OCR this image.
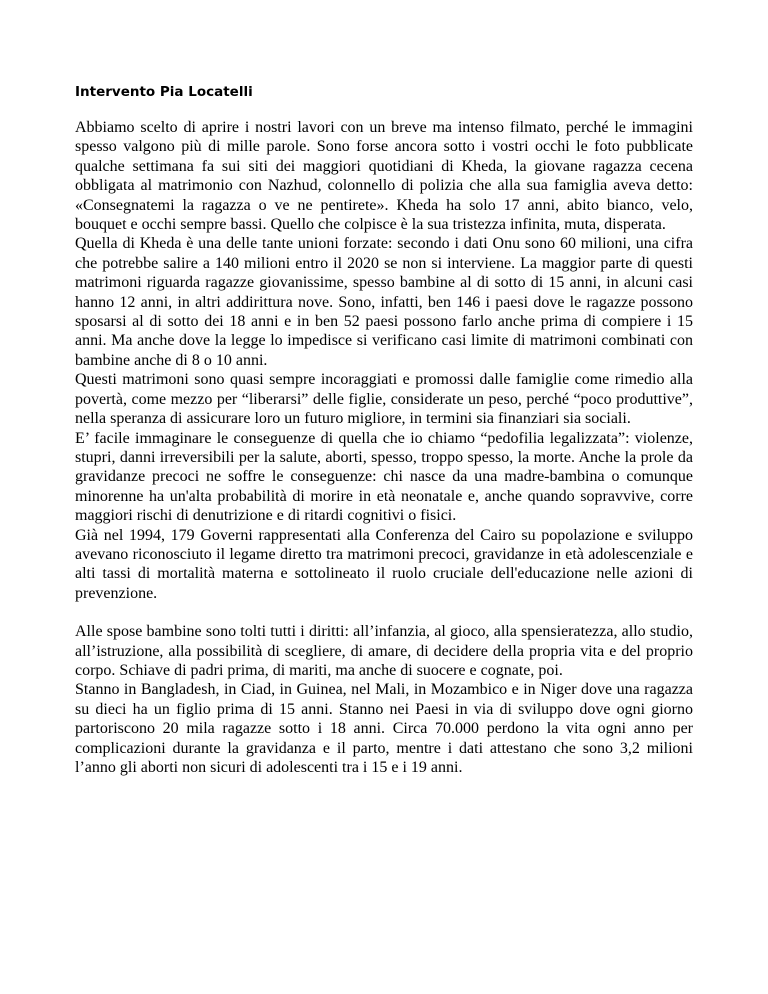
Intervento Pia Locatelli

Abbiamo scelto di aprire i nostri lavori con un breve ma intenso filmato, perché le immagini spesso valgono più di mille parole. Sono forse ancora sotto i vostri occhi le foto pubblicate qualche settimana fa sui siti dei maggiori quotidiani di Kheda, la giovane ragazza cecena obbligata al matrimonio con Nazhud, colonnello di polizia che alla sua famiglia aveva detto: «Consegnatemi la ragazza o ve ne pentirete». Kheda ha solo 17 anni, abito bianco, velo, bouquet e occhi sempre bassi. Quello che colpisce è la sua tristezza infinita, muta, disperata.

Quella di Kheda è una delle tante unioni forzate: secondo i dati Onu sono 60 milioni, una cifra che potrebbe salire a 140 milioni entro il 2020 se non si interviene. La maggior parte di questi matrimoni riguarda ragazze giovanissime, spesso bambine al di sotto di 15 anni, in alcuni casi hanno 12 anni, in altri addirittura nove. Sono, infatti, ben 146 i paesi dove le ragazze possono sposarsi al di sotto dei 18 anni e in ben 52 paesi possono farlo anche prima di compiere i 15 anni. Ma anche dove la legge lo impedisce si verificano casi limite di matrimoni combinati con bambine anche di 8 o 10 anni.

Questi matrimoni sono quasi sempre incoraggiati e promossi dalle famiglie come rimedio alla povertà, come mezzo per “liberarsi” delle figlie, considerate un peso, perché “poco produttive”, nella speranza di assicurare loro un futuro migliore, in termini sia finanziari sia sociali.

E’ facile immaginare le conseguenze di quella che io chiamo “pedofilia legalizzata”: violenze, stupri, danni irreversibili per la salute, aborti, spesso, troppo spesso, la morte. Anche la prole da gravidanze precoci ne soffre le conseguenze: chi nasce da una madre-bambina o comunque minorenne ha un'alta probabilità di morire in età neonatale e, anche quando sopravvive, corre maggiori rischi di denutrizione e di ritardi cognitivi o fisici.

Già nel 1994, 179 Governi rappresentati alla Conferenza del Cairo su popolazione e sviluppo avevano riconosciuto il legame diretto tra matrimoni precoci, gravidanze in età adolescenziale e alti tassi di mortalità materna e sottolineato il ruolo cruciale dell'educazione nelle azioni di prevenzione.

Alle spose bambine sono tolti tutti i diritti: all’infanzia, al gioco, alla spensieratezza, allo studio, all’istruzione, alla possibilità di scegliere, di amare, di decidere della propria vita e del proprio corpo. Schiave di padri prima, di mariti, ma anche di suocere e cognate, poi.

Stanno in Bangladesh, in Ciad, in Guinea, nel Mali, in Mozambico e in Niger dove una ragazza su dieci ha un figlio prima di 15 anni. Stanno nei Paesi in via di sviluppo dove ogni giorno partoriscono 20 mila ragazze sotto i 18 anni. Circa 70.000 perdono la vita ogni anno per complicazioni durante la gravidanza e il parto, mentre i dati attestano che sono 3,2 milioni l’anno gli aborti non sicuri di adolescenti tra i 15 e i 19 anni.
